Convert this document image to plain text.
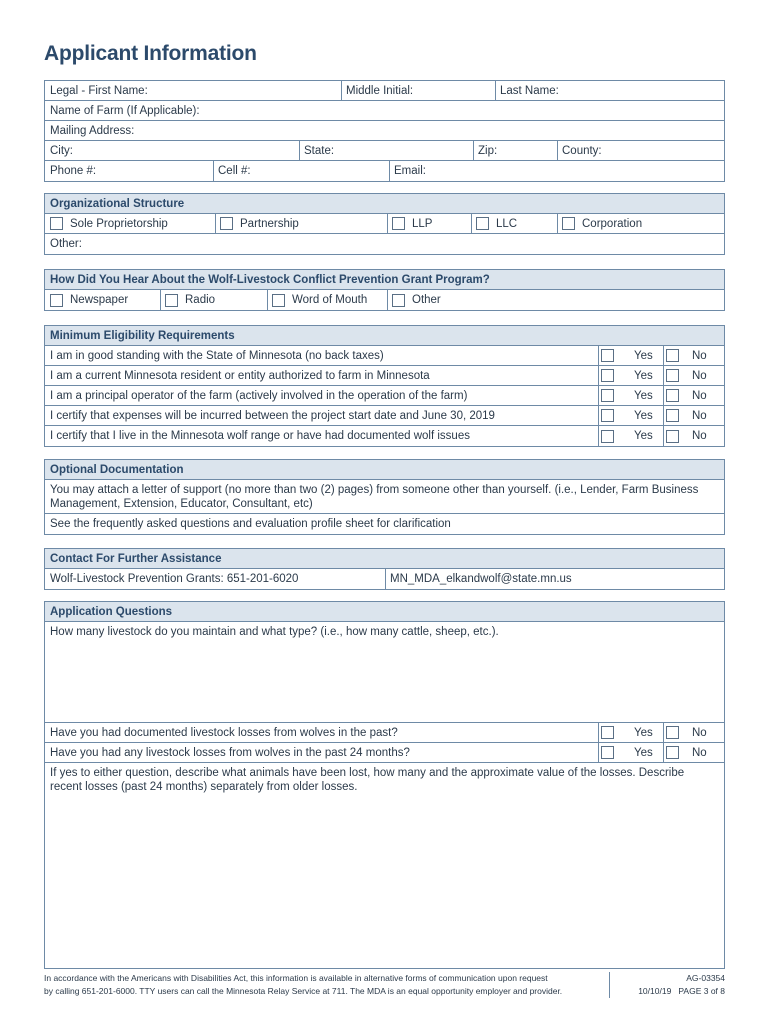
Applicant Information
Legal - First Name:	Middle Initial:	Last Name:
Name of Farm (If Applicable):
Mailing Address:
City:	State:	Zip:	County:
Phone #:	Cell #:	Email:
Organizational Structure
Sole Proprietorship	Partnership	LLP	LLC	Corporation
Other:
How Did You Hear About the Wolf-Livestock Conflict Prevention Grant Program?
Newspaper	Radio	Word of Mouth	Other
Minimum Eligibility Requirements
I am in good standing with the State of Minnesota (no back taxes)	Yes	No
I am a current Minnesota resident or entity authorized to farm in Minnesota	Yes	No
I am a principal operator of the farm (actively involved in the operation of the farm)	Yes	No
I certify that expenses will be incurred between the project start date and June 30, 2019	Yes	No
I certify that I live in the Minnesota wolf range or have had documented wolf issues	Yes	No
Optional Documentation
You may attach a letter of support (no more than two (2) pages) from someone other than yourself. (i.e., Lender, Farm Business Management, Extension, Educator, Consultant, etc)
See the frequently asked questions and evaluation profile sheet for clarification
Contact For Further Assistance
Wolf-Livestock Prevention Grants: 651-201-6020	MN_MDA_elkandwolf@state.mn.us
Application Questions
How many livestock do you maintain and what type? (i.e., how many cattle, sheep, etc.).
Have you had documented livestock losses from wolves in the past?	Yes	No
Have you had any livestock losses from wolves in the past 24 months?	Yes	No
If yes to either question, describe what animals have been lost, how many and the approximate value of the losses. Describe recent losses (past 24 months) separately from older losses.
In accordance with the Americans with Disabilities Act, this information is available in alternative forms of communication upon request
by calling 651-201-6000. TTY users can call the Minnesota Relay Service at 711. The MDA is an equal opportunity employer and provider.
AG-03354
10/10/19   PAGE 3 of 8
